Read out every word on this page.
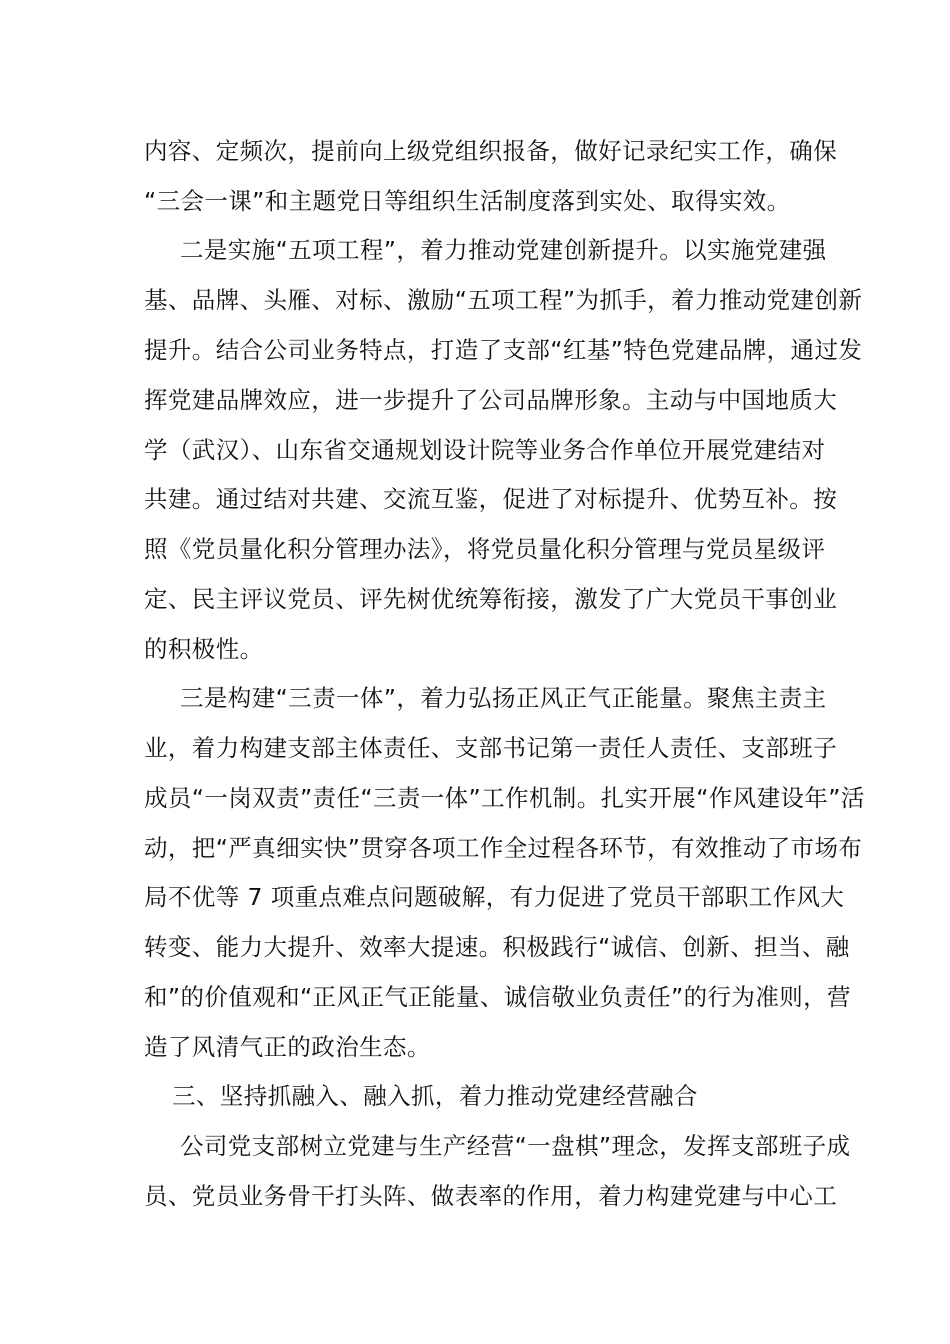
内容、定频次，提前向上级党组织报备，做好记录纪实工作，确保
“三会一课”和主题党日等组织生活制度落到实处、取得实效。
二是实施“五项工程”，着力推动党建创新提升。以实施党建强
基、品牌、头雁、对标、激励“五项工程”为抓手，着力推动党建创新
提升。结合公司业务特点，打造了支部“红基”特色党建品牌，通过发
挥党建品牌效应，进一步提升了公司品牌形象。主动与中国地质大
学（武汉）、山东省交通规划设计院等业务合作单位开展党建结对
共建。通过结对共建、交流互鉴，促进了对标提升、优势互补。按
照《党员量化积分管理办法》，将党员量化积分管理与党员星级评
定、民主评议党员、评先树优统筹衔接，激发了广大党员干事创业
的积极性。
三是构建“三责一体”，着力弘扬正风正气正能量。聚焦主责主
业，着力构建支部主体责任、支部书记第一责任人责任、支部班子
成员“一岗双责”责任“三责一体”工作机制。扎实开展“作风建设年”活
动，把“严真细实快”贯穿各项工作全过程各环节，有效推动了市场布
局不优等 7 项重点难点问题破解，有力促进了党员干部职工作风大
转变、能力大提升、效率大提速。积极践行“诚信、创新、担当、融
和”的价值观和“正风正气正能量、诚信敬业负责任”的行为准则，营
造了风清气正的政治生态。
三、坚持抓融入、融入抓，着力推动党建经营融合
公司党支部树立党建与生产经营“一盘棋”理念，发挥支部班子成
员、党员业务骨干打头阵、做表率的作用，着力构建党建与中心工
